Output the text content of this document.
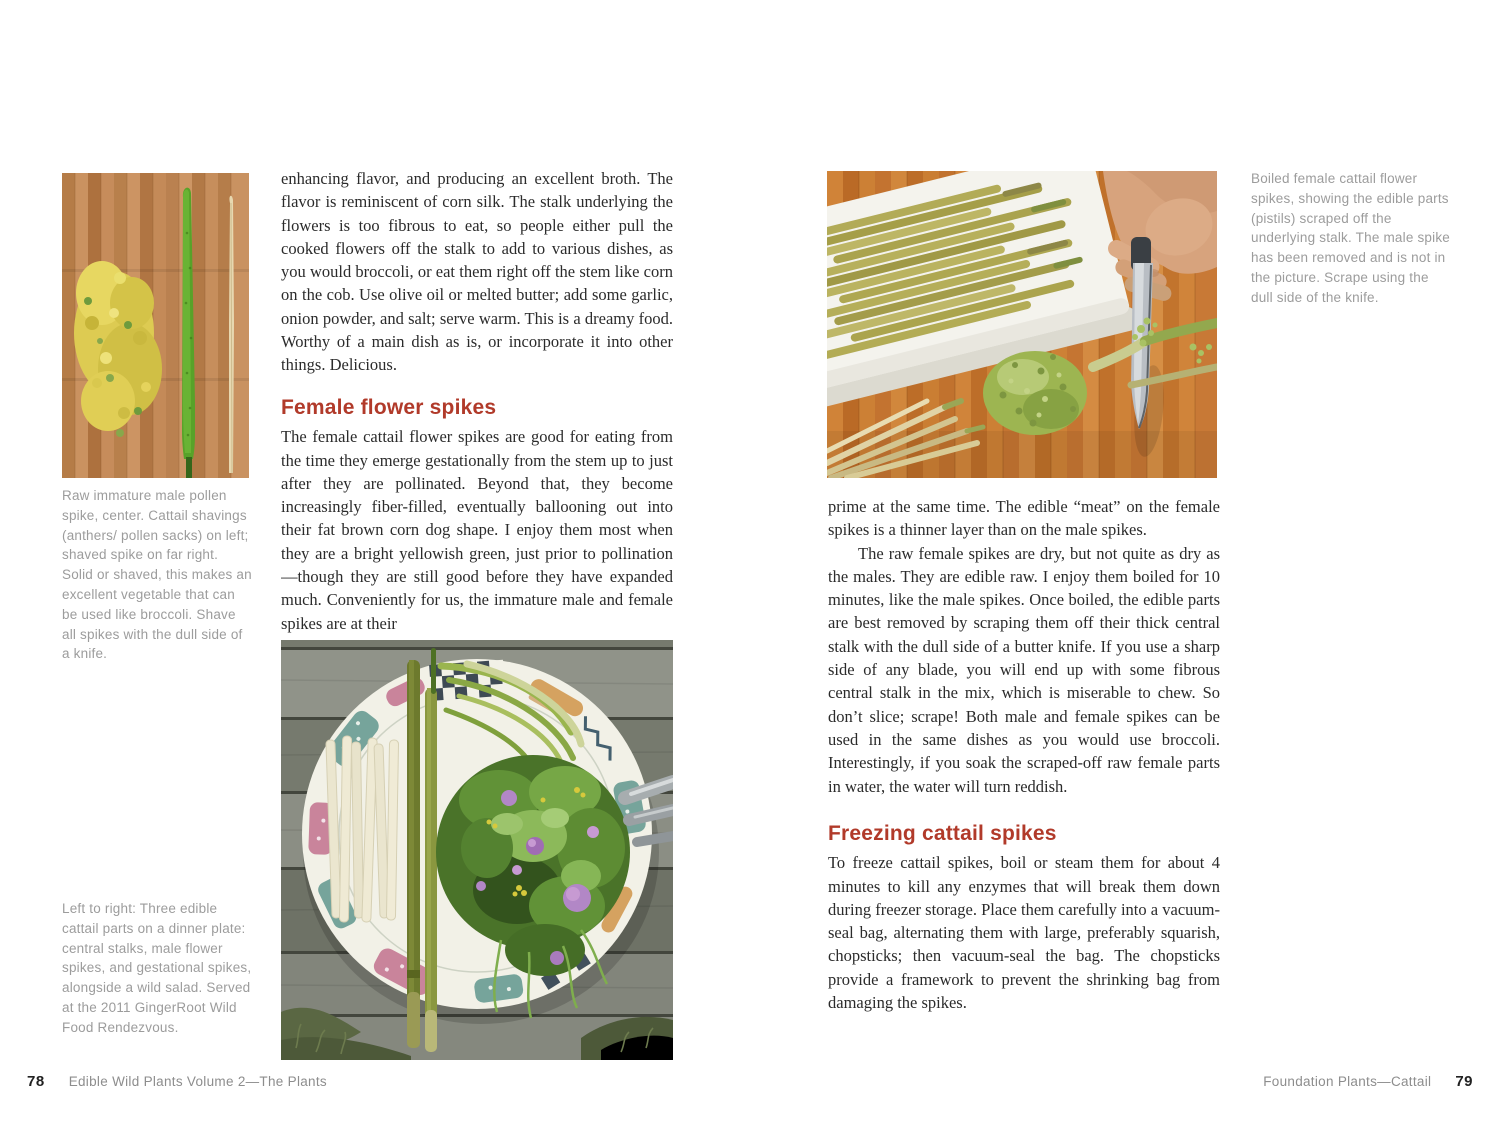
Raw immature male pollen spike, center. Cattail shavings (anthers/ pollen sacks) on left; shaved spike on far right. Solid or shaved, this makes an excellent vegetable that can be used like broccoli. Shave all spikes with the dull side of a knife.

enhancing flavor, and producing an excellent broth. The flavor is reminiscent of corn silk. The stalk underlying the flowers is too fibrous to eat, so people either pull the cooked flowers off the stalk to add to various dishes, as you would broccoli, or eat them right off the stem like corn on the cob. Use olive oil or melted butter; add some garlic, onion powder, and salt; serve warm. This is a dreamy food. Worthy of a main dish as is, or incorporate it into other things. Delicious.

Female flower spikes

The female cattail flower spikes are good for eating from the time they emerge gestationally from the stem up to just after they are pollinated. Beyond that, they become increasingly fiber-filled, eventually ballooning out into their fat brown corn dog shape. I enjoy them most when they are a bright yellowish green, just prior to pollination—though they are still good before they have expanded much. Conveniently for us, the immature male and female spikes are at their

Left to right: Three edible cattail parts on a dinner plate: central stalks, male flower spikes, and gestational spikes, alongside a wild salad. Served at the 2011 GingerRoot Wild Food Rendezvous.
78 Edible Wild Plants Volume 2—The Plants
Boiled female cattail flower spikes, showing the edible parts (pistils) scraped off the underlying stalk. The male spike has been removed and is not in the picture. Scrape using the dull side of the knife.

prime at the same time. The edible “meat” on the female spikes is a thinner layer than on the male spikes.

The raw female spikes are dry, but not quite as dry as the males. They are edible raw. I enjoy them boiled for 10 minutes, like the male spikes. Once boiled, the edible parts are best removed by scraping them off their thick central stalk with the dull side of a butter knife. If you use a sharp side of any blade, you will end up with some fibrous central stalk in the mix, which is miserable to chew. So don’t slice; scrape! Both male and female spikes can be used in the same dishes as you would use broccoli. Interestingly, if you soak the scraped-off raw female parts in water, the water will turn reddish.

Freezing cattail spikes

To freeze cattail spikes, boil or steam them for about 4 minutes to kill any enzymes that will break them down during freezer storage. Place them carefully into a vacuum-seal bag, alternating them with large, preferably squarish, chopsticks; then vacuum-seal the bag. The chopsticks provide a framework to prevent the shrinking bag from damaging the spikes.

Foundation Plants—Cattail 79
